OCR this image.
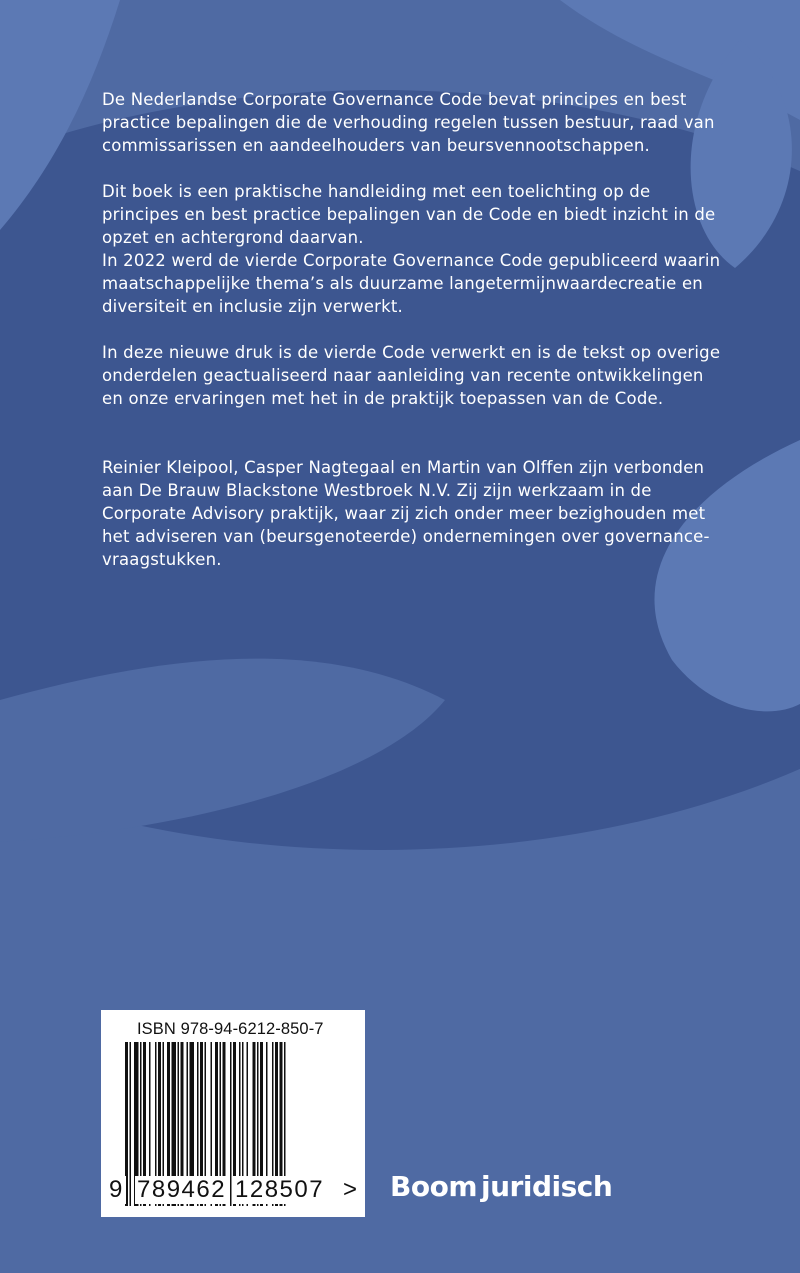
De Nederlandse Corporate Governance Code bevat principes en best
practice bepalingen die de verhouding regelen tussen bestuur, raad van
commissarissen en aandeelhouders van beursvennootschappen.

Dit boek is een praktische handleiding met een toelichting op de
principes en best practice bepalingen van de Code en biedt inzicht in de
opzet en achtergrond daarvan.
In 2022 werd de vierde Corporate Governance Code gepubliceerd waarin
maatschappelijke thema’s als duurzame langetermijnwaardecreatie en
diversiteit en inclusie zijn verwerkt.

In deze nieuwe druk is de vierde Code verwerkt en is de tekst op overige
onderdelen geactualiseerd naar aanleiding van recente ontwikkelingen
en onze ervaringen met het in de praktijk toepassen van de Code.

Reinier Kleipool, Casper Nagtegaal en Martin van Olffen zijn verbonden
aan De Brauw Blackstone Westbroek N.V. Zij zijn werkzaam in de
Corporate Advisory praktijk, waar zij zich onder meer bezighouden met
het adviseren van (beursgenoteerde) ondernemingen over governance-
vraagstukken.

ISBN 978-94-6212-850-7
9 789462 128507 > Boom juridisch
